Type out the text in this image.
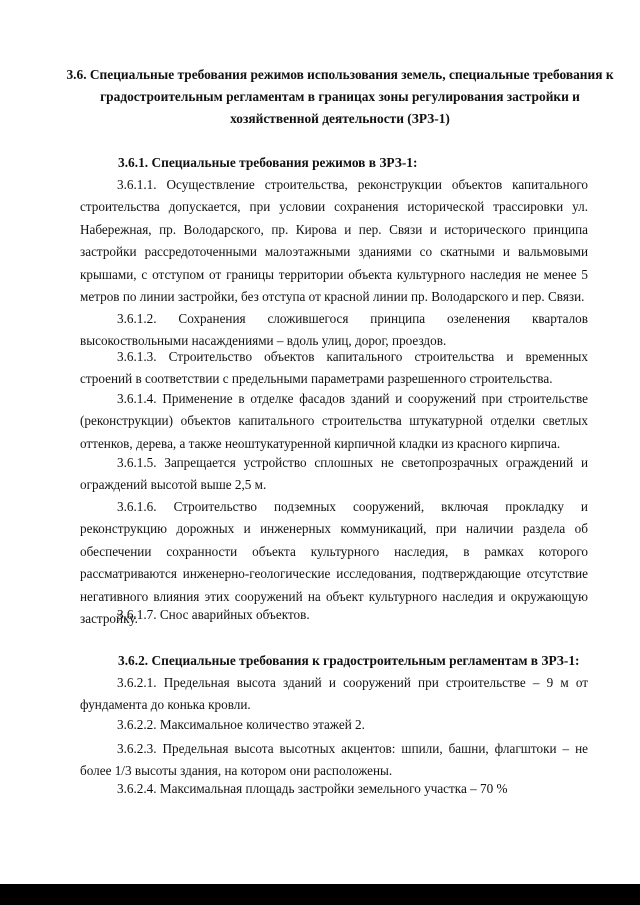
3.6. Специальные требования режимов использования земель, специальные требования к градостроительным регламентам в границах зоны регулирования застройки и хозяйственной деятельности (ЗРЗ-1)

3.6.1. Специальные требования режимов в ЗРЗ-1:

3.6.1.1. Осуществление строительства, реконструкции объектов капитального строительства допускается, при условии сохранения исторической трассировки ул. Набережная, пр. Володарского, пр. Кирова и пер. Связи и исторического принципа застройки рассредоточенными малоэтажными зданиями со скатными и вальмовыми крышами, с отступом от границы территории объекта культурного наследия не менее 5 метров по линии застройки, без отступа от красной линии пр. Володарского и пер. Связи.

3.6.1.2. Сохранения сложившегося принципа озеленения кварталов высокоствольными насаждениями – вдоль улиц, дорог, проездов.

3.6.1.3. Строительство объектов капитального строительства и временных строений в соответствии с предельными параметрами разрешенного строительства.

3.6.1.4. Применение в отделке фасадов зданий и сооружений при строительстве (реконструкции) объектов капитального строительства штукатурной отделки светлых оттенков, дерева, а также неоштукатуренной кирпичной кладки из красного кирпича.

3.6.1.5. Запрещается устройство сплошных не светопрозрачных ограждений и ограждений высотой выше 2,5 м.

3.6.1.6. Строительство подземных сооружений, включая прокладку и реконструкцию дорожных и инженерных коммуникаций, при наличии раздела об обеспечении сохранности объекта культурного наследия, в рамках которого рассматриваются инженерно-геологические исследования, подтверждающие отсутствие негативного влияния этих сооружений на объект культурного наследия и окружающую застройку.

3.6.1.7. Снос аварийных объектов.

3.6.2. Специальные требования к градостроительным регламентам в ЗРЗ-1:

3.6.2.1. Предельная высота зданий и сооружений при строительстве – 9 м от фундамента до конька кровли.

3.6.2.2. Максимальное количество этажей 2.

3.6.2.3. Предельная высота высотных акцентов: шпили, башни, флагштоки – не более 1/3 высоты здания, на котором они расположены.

3.6.2.4. Максимальная площадь застройки земельного участка – 70 %
